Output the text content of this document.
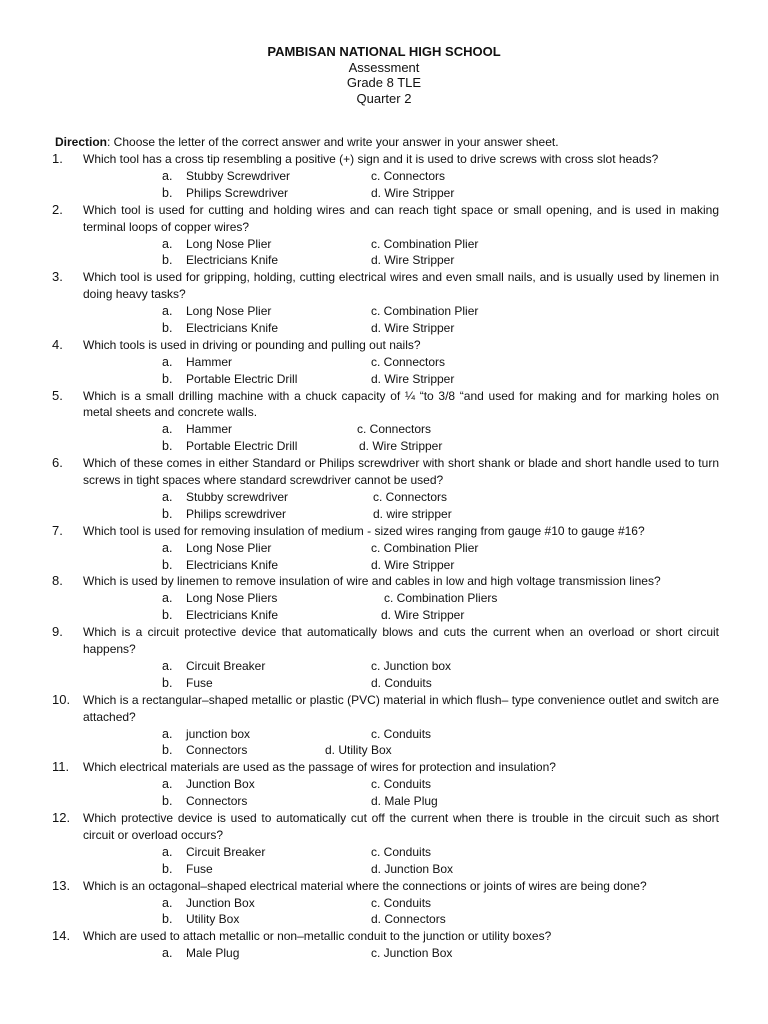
PAMBISAN NATIONAL HIGH SCHOOL
Assessment
Grade 8 TLE
Quarter 2
Direction: Choose the letter of the correct answer and write your answer in your answer sheet.
1.	Which tool has a cross tip resembling a positive (+) sign and it is used to drive screws with cross slot heads?
a. Stubby Screwdriver	c. Connectors
b. Philips Screwdriver	d. Wire Stripper
2.	Which tool is used for cutting and holding wires and can reach tight space or small opening, and is used in making terminal loops of copper wires?
a. Long Nose Plier	c. Combination Plier
b. Electricians Knife	d. Wire Stripper
3.	Which tool is used for gripping, holding, cutting electrical wires and even small nails, and is usually used by linemen in doing heavy tasks?
a. Long Nose Plier	c. Combination Plier
b. Electricians Knife	d. Wire Stripper
4.	Which tools is used in driving or pounding and pulling out nails?
a. Hammer	c. Connectors
b. Portable Electric Drill	d. Wire Stripper
5.	Which is a small drilling machine with a chuck capacity of ¼ “to 3/8 “and used for making and for marking holes on metal sheets and concrete walls.
a. Hammer	c. Connectors
b. Portable Electric Drill	d. Wire Stripper
6.	Which of these comes in either Standard or Philips screwdriver with short shank or blade and short handle used to turn screws in tight spaces where standard screwdriver cannot be used?
a. Stubby screwdriver	c. Connectors
b. Philips screwdriver	d. wire stripper
7.	Which tool is used for removing insulation of medium - sized wires ranging from gauge #10 to gauge #16?
a. Long Nose Plier	c. Combination Plier
b. Electricians Knife	d. Wire Stripper
8.	Which is used by linemen to remove insulation of wire and cables in low and high voltage transmission lines?
a. Long Nose Pliers	c. Combination Pliers
b. Electricians Knife	d. Wire Stripper
9.	Which is a circuit protective device that automatically blows and cuts the current when an overload or short circuit happens?
a. Circuit Breaker	c. Junction box
b. Fuse	d. Conduits
10.	Which is a rectangular–shaped metallic or plastic (PVC) material in which flush– type convenience outlet and switch are attached?
a. junction box	c. Conduits
b. Connectors	d. Utility Box
11.	Which electrical materials are used as the passage of wires for protection and insulation?
a. Junction Box	c. Conduits
b. Connectors	d. Male Plug
12.	Which protective device is used to automatically cut off the current when there is trouble in the circuit such as short circuit or overload occurs?
a. Circuit Breaker	c. Conduits
b. Fuse	d. Junction Box
13.	Which is an octagonal–shaped electrical material where the connections or joints of wires are being done?
a. Junction Box	c. Conduits
b. Utility Box	d. Connectors
14.	Which are used to attach metallic or non–metallic conduit to the junction or utility boxes?
a. Male Plug	c. Junction Box
